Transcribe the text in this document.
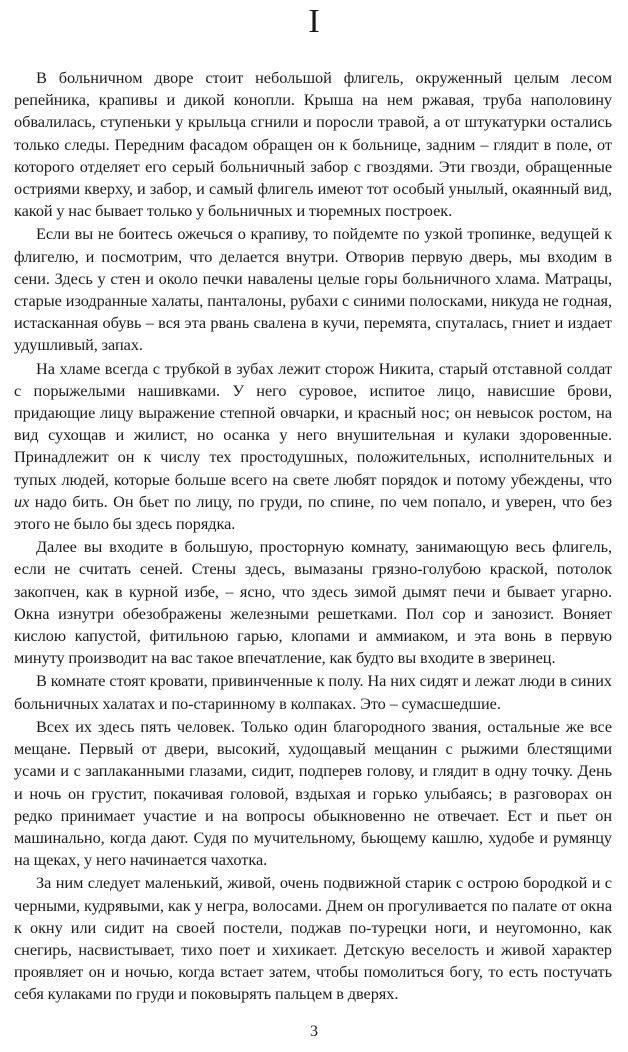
I

В больничном дворе стоит небольшой флигель, окруженный целым лесом репейника, крапивы и дикой конопли. Крыша на нем ржавая, труба наполовину обвалилась, ступеньки у крыльца сгнили и поросли травой, а от штукатурки остались только следы. Передним фасадом обращен он к больнице, задним – глядит в поле, от которого отделяет его серый больничный забор с гвоздями. Эти гвозди, обращенные остриями кверху, и забор, и самый флигель имеют тот особый унылый, окаянный вид, какой у нас бывает только у больничных и тюремных построек.

Если вы не боитесь ожечься о крапиву, то пойдемте по узкой тропинке, ведущей к флигелю, и посмотрим, что делается внутри. Отворив первую дверь, мы входим в сени. Здесь у стен и около печки навалены целые горы больничного хлама. Матрацы, старые изодранные халаты, панталоны, рубахи с синими полосками, никуда не годная, истасканная обувь – вся эта рвань свалена в кучи, перемята, спуталась, гниет и издает удушливый, запах.

На хламе всегда с трубкой в зубах лежит сторож Никита, старый отставной солдат с порыжелыми нашивками. У него суровое, испитое лицо, нависшие брови, придающие лицу выражение степной овчарки, и красный нос; он невысок ростом, на вид сухощав и жилист, но осанка у него внушительная и кулаки здоровенные. Принадлежит он к числу тех простодушных, положительных, исполнительных и тупых людей, которые больше всего на свете любят порядок и потому убеждены, что их надо бить. Он бьет по лицу, по груди, по спине, по чем попало, и уверен, что без этого не было бы здесь порядка.

Далее вы входите в большую, просторную комнату, занимающую весь флигель, если не считать сеней. Стены здесь, вымазаны грязно-голубою краской, потолок закопчен, как в курной избе, – ясно, что здесь зимой дымят печи и бывает угарно. Окна изнутри обезображены железными решетками. Пол сор и занозист. Воняет кислою капустой, фитильною гарью, клопами и аммиаком, и эта вонь в первую минуту производит на вас такое впечатление, как будто вы входите в зверинец.

В комнате стоят кровати, привинченные к полу. На них сидят и лежат люди в синих больничных халатах и по-старинному в колпаках. Это – сумасшедшие.

Всех их здесь пять человек. Только один благородного звания, остальные же все мещане. Первый от двери, высокий, худощавый мещанин с рыжими блестящими усами и с заплаканными глазами, сидит, подперев голову, и глядит в одну точку. День и ночь он грустит, покачивая головой, вздыхая и горько улыбаясь; в разговорах он редко принимает участие и на вопросы обыкновенно не отвечает. Ест и пьет он машинально, когда дают. Судя по мучительному, бьющему кашлю, худобе и румянцу на щеках, у него начинается чахотка.

За ним следует маленький, живой, очень подвижной старик с острою бородкой и с черными, кудрявыми, как у негра, волосами. Днем он прогуливается по палате от окна к окну или сидит на своей постели, поджав по-турецки ноги, и неугомонно, как снегирь, насвистывает, тихо поет и хихикает. Детскую веселость и живой характер проявляет он и ночью, когда встает затем, чтобы помолиться богу, то есть постучать себя кулаками по груди и поковырять пальцем в дверях.

3
